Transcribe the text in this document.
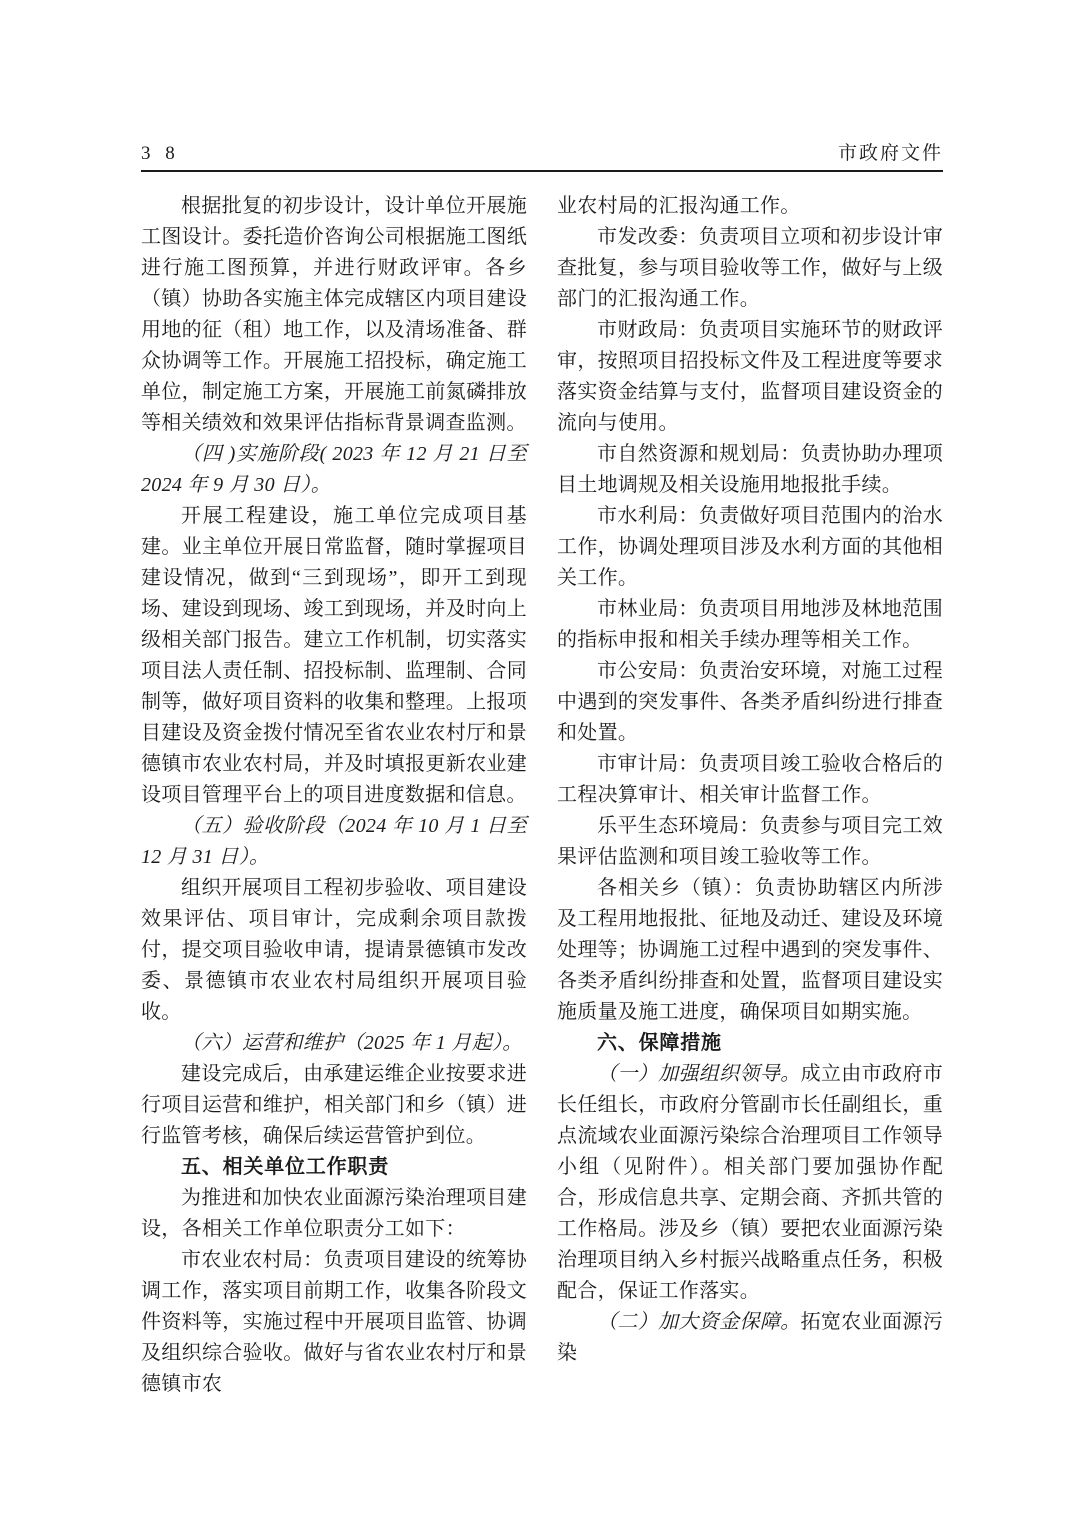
3 8	市政府文件

根据批复的初步设计，设计单位开展施工图设计。委托造价咨询公司根据施工图纸进行施工图预算，并进行财政评审。各乡（镇）协助各实施主体完成辖区内项目建设用地的征（租）地工作，以及清场准备、群众协调等工作。开展施工招投标，确定施工单位，制定施工方案，开展施工前氮磷排放等相关绩效和效果评估指标背景调查监测。

（四 )实施阶段( 2023 年 12 月 21 日至 2024 年 9 月 30 日）。

开展工程建设，施工单位完成项目基建。业主单位开展日常监督，随时掌握项目建设情况，做到“三到现场”，即开工到现场、建设到现场、竣工到现场，并及时向上级相关部门报告。建立工作机制，切实落实项目法人责任制、招投标制、监理制、合同制等，做好项目资料的收集和整理。上报项目建设及资金拨付情况至省农业农村厅和景德镇市农业农村局，并及时填报更新农业建设项目管理平台上的项目进度数据和信息。

（五）验收阶段（2024 年 10 月 1 日至 12 月 31 日）。

组织开展项目工程初步验收、项目建设效果评估、项目审计，完成剩余项目款拨付，提交项目验收申请，提请景德镇市发改委、景德镇市农业农村局组织开展项目验收。

（六）运营和维护（2025 年 1 月起）。

建设完成后，由承建运维企业按要求进行项目运营和维护，相关部门和乡（镇）进行监管考核，确保后续运营管护到位。

五、相关单位工作职责

为推进和加快农业面源污染治理项目建设，各相关工作单位职责分工如下：

市农业农村局：负责项目建设的统筹协调工作，落实项目前期工作，收集各阶段文件资料等，实施过程中开展项目监管、协调及组织综合验收。做好与省农业农村厅和景德镇市农

业农村局的汇报沟通工作。

市发改委：负责项目立项和初步设计审查批复，参与项目验收等工作，做好与上级部门的汇报沟通工作。

市财政局：负责项目实施环节的财政评审，按照项目招投标文件及工程进度等要求落实资金结算与支付，监督项目建设资金的流向与使用。

市自然资源和规划局：负责协助办理项目土地调规及相关设施用地报批手续。

市水利局：负责做好项目范围内的治水工作，协调处理项目涉及水利方面的其他相关工作。

市林业局：负责项目用地涉及林地范围的指标申报和相关手续办理等相关工作。

市公安局：负责治安环境，对施工过程中遇到的突发事件、各类矛盾纠纷进行排查和处置。

市审计局：负责项目竣工验收合格后的工程决算审计、相关审计监督工作。

乐平生态环境局：负责参与项目完工效果评估监测和项目竣工验收等工作。

各相关乡（镇）：负责协助辖区内所涉及工程用地报批、征地及动迁、建设及环境处理等；协调施工过程中遇到的突发事件、各类矛盾纠纷排查和处置，监督项目建设实施质量及施工进度，确保项目如期实施。

六、保障措施

（一）加强组织领导。成立由市政府市长任组长，市政府分管副市长任副组长，重点流域农业面源污染综合治理项目工作领导小组（见附件）。相关部门要加强协作配合，形成信息共享、定期会商、齐抓共管的工作格局。涉及乡（镇）要把农业面源污染治理项目纳入乡村振兴战略重点任务，积极配合，保证工作落实。

（二）加大资金保障。拓宽农业面源污染
